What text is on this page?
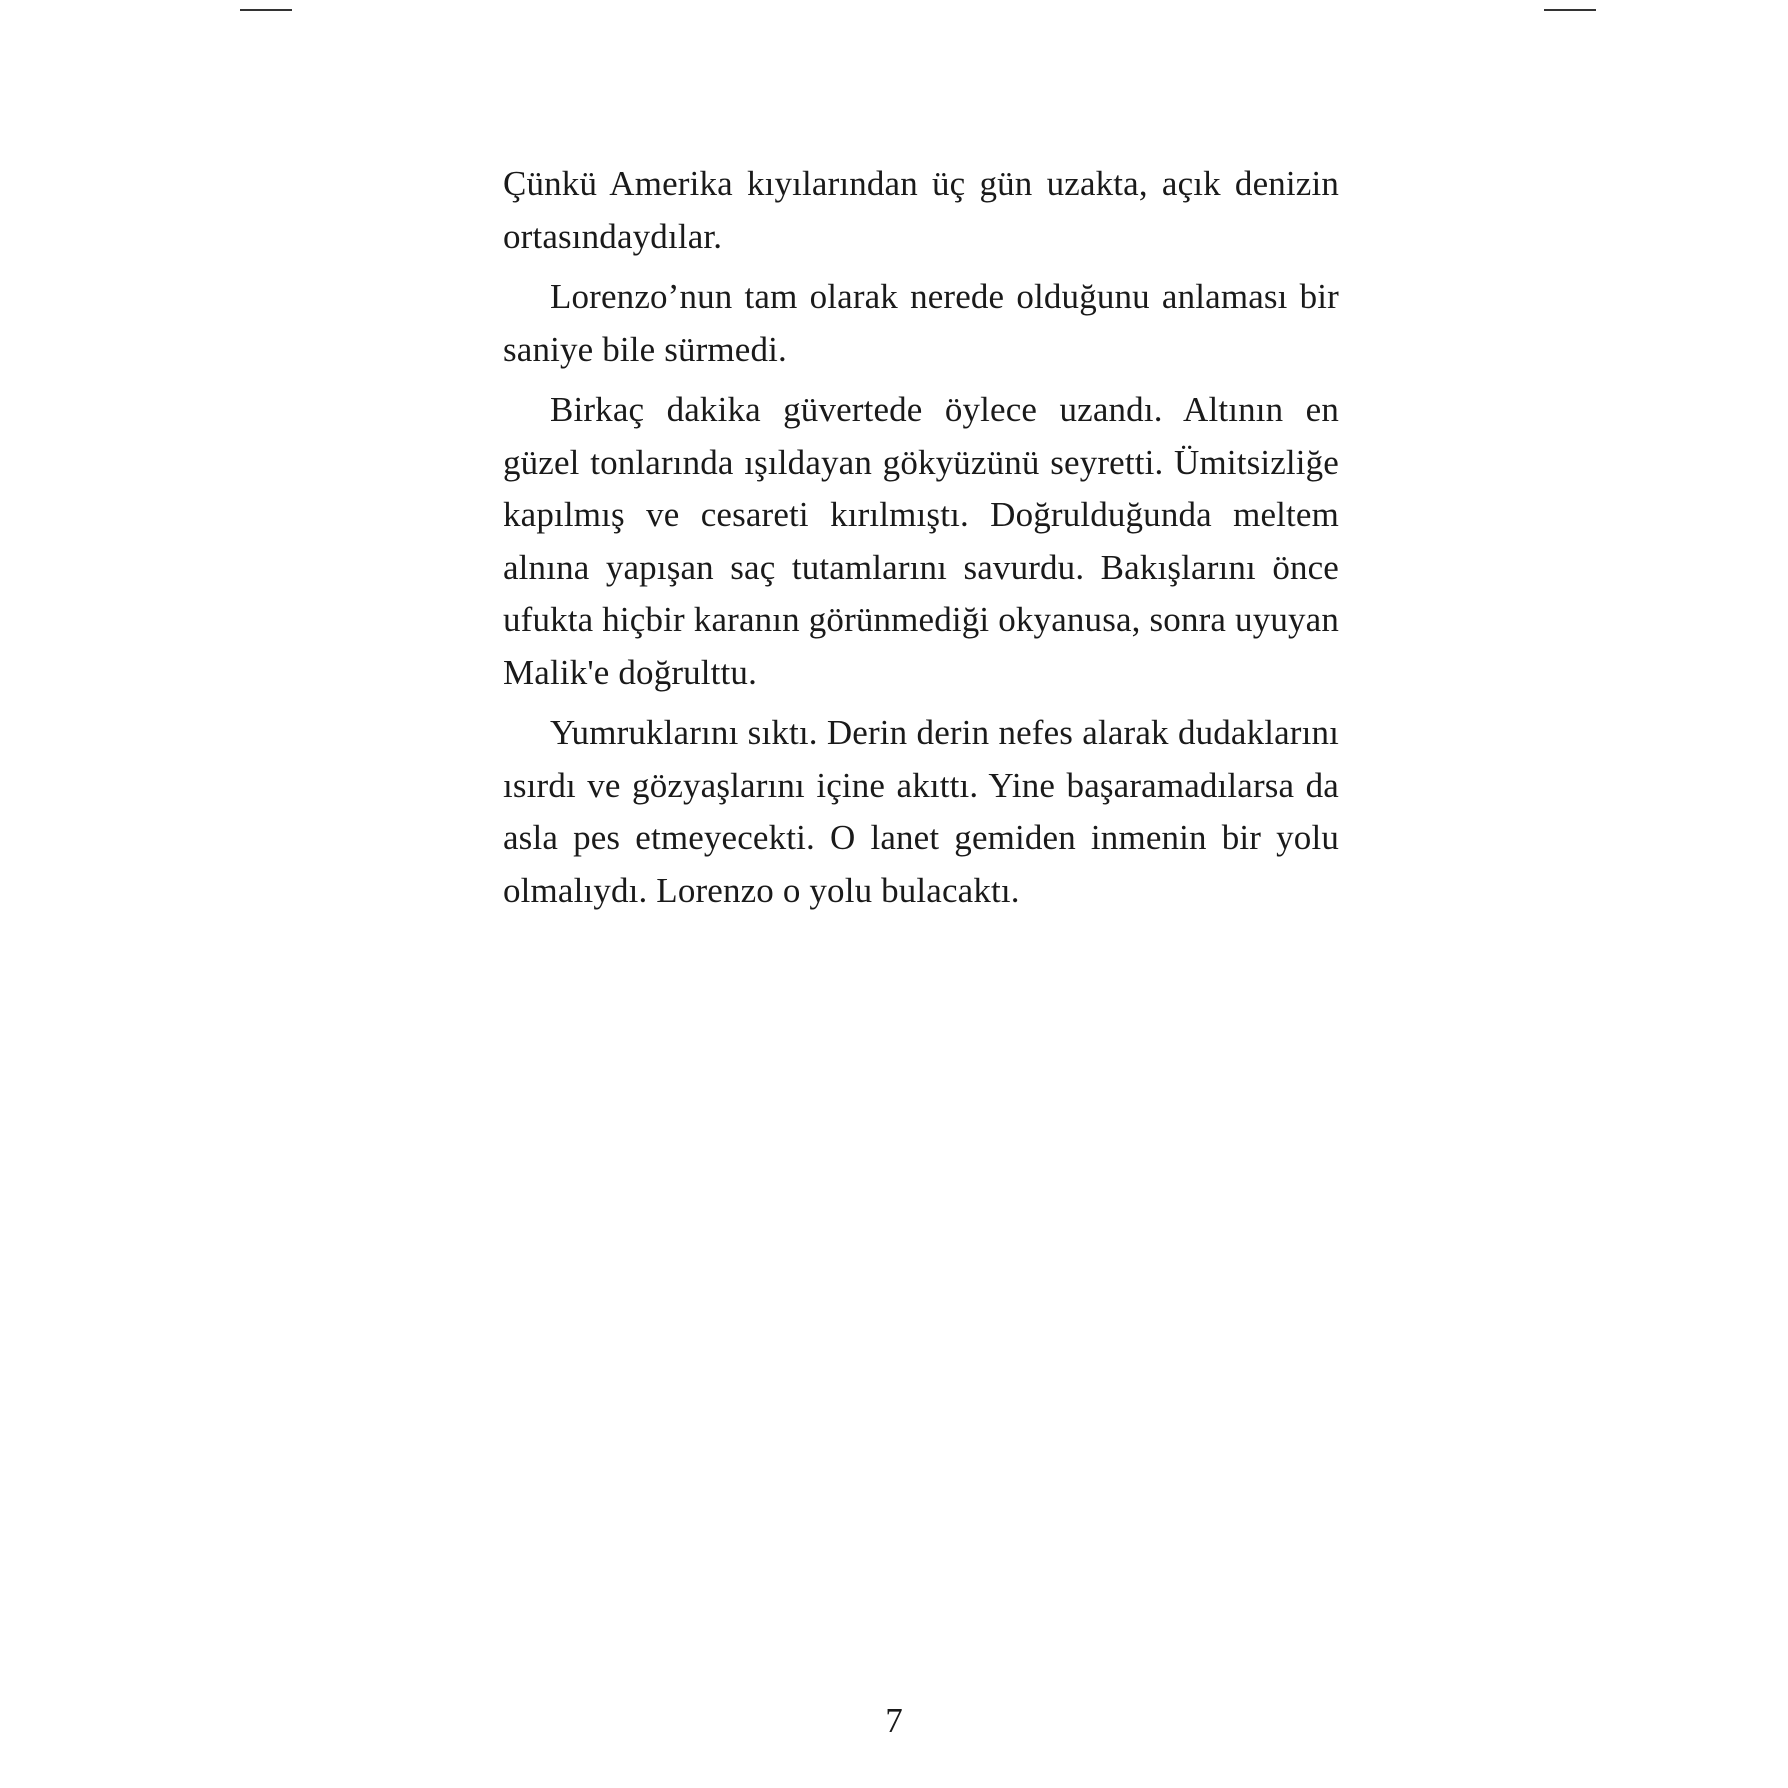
Çünkü Amerika kıyılarından üç gün uzakta, açık denizin ortasındaydılar.

Lorenzo’nun tam olarak nerede olduğunu anlaması bir saniye bile sürmedi.

Birkaç dakika güvertede öylece uzandı. Altının en güzel tonlarında ışıldayan gökyüzünü seyretti. Ümitsizliğe kapılmış ve cesareti kırılmıştı. Doğrulduğunda meltem alnına yapışan saç tutamlarını savurdu. Bakışlarını önce ufukta hiçbir karanın görünmediği okyanusa, sonra uyuyan Malik'e doğrulttu.

Yumruklarını sıktı. Derin derin nefes alarak dudaklarını ısırdı ve gözyaşlarını içine akıttı. Yine başaramadılarsa da asla pes etmeyecekti. O lanet gemiden inmenin bir yolu olmalıydı. Lorenzo o yolu bulacaktı.

7
